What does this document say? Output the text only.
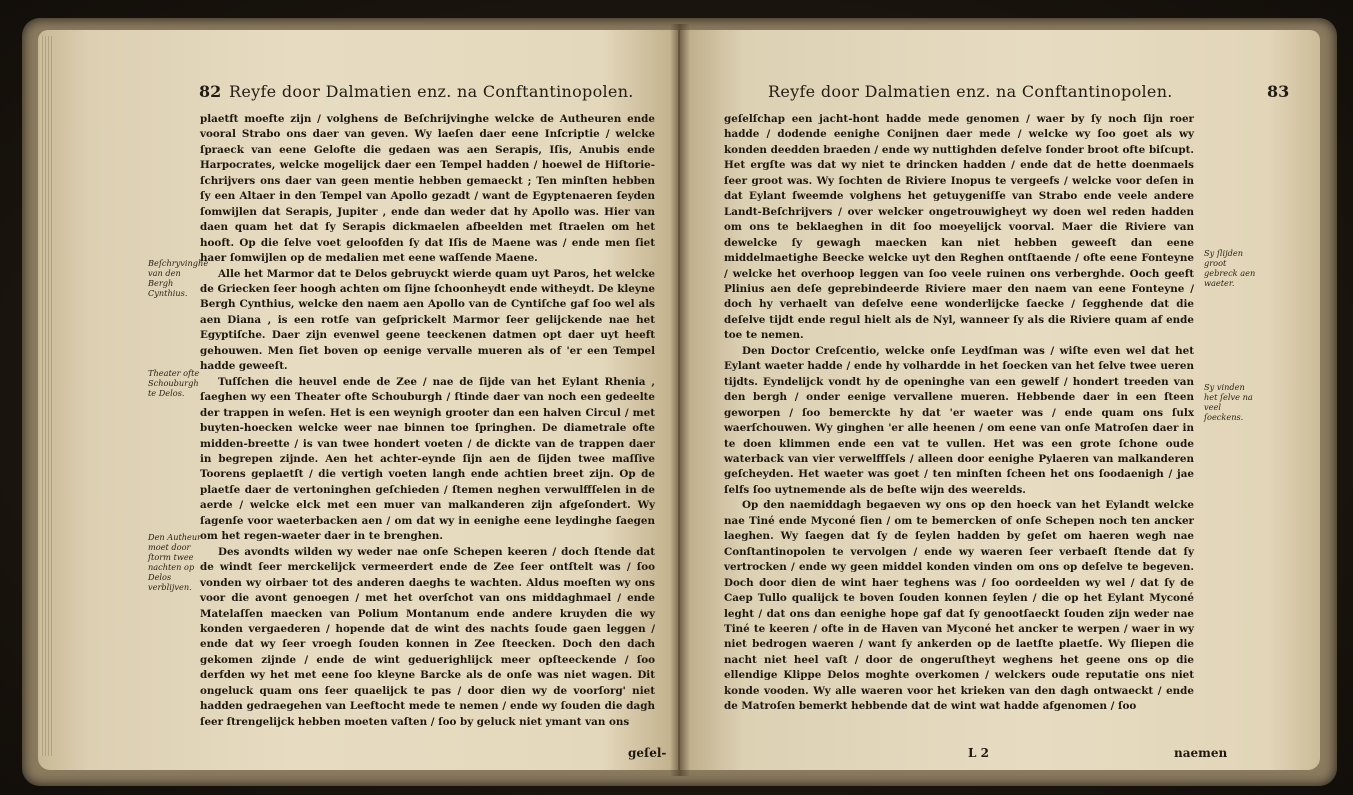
82 Reyfe door Dalmatien enz. na Conftantinopolen.
Beſchryvinghe van den Bergh Cynthius.
Theater ofte Schouburgh te Delos.
Den Autheur moet door ſtorm twee nachten op Delos verblijven.

plaetft moefte zijn / volghens de Beſchrijvinghe welcke de Autheuren ende vooral Strabo ons daer van geven. Wy laeſen daer eene Inſcriptie / welcke ſpraeck van eene Gelofte die gedaen was aen Serapis, Iſis, Anubis ende Harpocrates, welcke mogelijck daer een Tempel hadden / hoewel de Hiſtorie-ſchrijvers ons daer van geen mentie hebben gemaeckt ; Ten minſten hebben ſy een Altaer in den Tempel van Apollo gezadt / want de Egyptenaeren ſeyden ſomwijlen dat Serapis, Jupiter , ende dan weder dat hy Apollo was. Hier van daen quam het dat ſy Serapis dickmaelen afbeelden met ſtraelen om het hooft. Op die ſelve voet geloofden ſy dat Iſis de Maene was / ende men ſiet haer ſomwijlen op de medalien met eene waſſende Maene.

Alle het Marmor dat te Delos gebruyckt wierde quam uyt Paros, het welcke de Griecken ſeer hoogh achten om ſijne ſchoonheydt ende witheydt. De kleyne Bergh Cynthius, welcke den naem aen Apollo van de Cyntiſche gaf ſoo wel als aen Diana , is een rotſe van geſprickelt Marmor ſeer gelijckende nae het Egyptiſche. Daer zijn evenwel geene teeckenen datmen opt daer uyt heeft gehouwen. Men ſiet boven op eenige vervalle mueren als of 'er een Tempel hadde geweeſt.

Tuſſchen die heuvel ende de Zee / nae de ſijde van het Eylant Rhenia , ſaeghen wy een Theater ofte Schouburgh / ſtinde daer van noch een gedeelte der trappen in weſen. Het is een weynigh grooter dan een halven Circul / met buyten-hoecken welcke weer nae binnen toe ſpringhen. De diametrale ofte midden-breette / is van twee hondert voeten / de dickte van de trappen daer in begrepen zijnde. Aen het achter-eynde ſijn aen de ſijden twee maſſive Toorens geplaetſt / die vertigh voeten langh ende achtien breet zijn. Op de plaetſe daer de vertoninghen geſchieden / ſtemen neghen verwulffſelen in de aerde / welcke elck met een muer van malkanderen zijn afgeſondert. Wy ſagenſe voor waeterbacken aen / om dat wy in eenighe eene leydinghe ſaegen om het regen-waeter daer in te brenghen.

Des avondts wilden wy weder nae onſe Schepen keeren / doch ſtende dat de windt ſeer merckelijck vermeerdert ende de Zee ſeer ontſtelt was / ſoo vonden wy oirbaer tot des anderen daeghs te wachten. Aldus moeſten wy ons voor die avont genoegen / met het overſchot van ons middaghmael / ende Matelaſſen maecken van Polium Montanum ende andere kruyden die wy konden vergaederen / hopende dat de wint des nachts ſoude gaen leggen / ende dat wy ſeer vroegh ſouden konnen in Zee ſteecken. Doch den dach gekomen zijnde / ende de wint geduerighlijck meer opſteeckende / ſoo derfden wy het met eene ſoo kleyne Barcke als de onſe was niet wagen. Dit ongeluck quam ons ſeer quaelijck te pas / door dien wy de voorſorg' niet hadden gedraegehen van Leeftocht mede te nemen / ende wy ſouden die dagh ſeer ſtrengelijck hebben moeten vaſten / ſoo by geluck niet ymant van ons

geſel-
Reyfe door Dalmatien enz. na Conftantinopolen.	83

geſelſchap een jacht-hont hadde mede genomen / waer by ſy noch ſijn roer hadde / dodende eenighe Conijnen daer mede / welcke wy ſoo goet als wy konden deedden braeden / ende wy nuttighden deſelve ſonder broot ofte biſcupt. Het ergſte was dat wy niet te drincken hadden / ende dat de hette doenmaels ſeer groot was. Wy ſochten de Riviere Inopus te vergeefs / welcke voor deſen in dat Eylant ſweemde volghens het getuygeniſſe van Strabo ende veele andere Landt-Beſchrijvers / over welcker ongetrouwigheyt wy doen wel reden hadden om ons te beklaeghen in dit ſoo moeyelijck voorval. Maer die Riviere van dewelcke ſy gewagh maecken kan niet hebben geweeſt dan eene middelmaetighe Beecke welcke uyt den Reghen ontſtaende / ofte eene Fonteyne / welcke het overhoop leggen van ſoo veele ruinen ons verberghde. Ooch geeft Plinius aen deſe geprebindeerde Riviere maer den naem van eene Fonteyne / doch hy verhaelt van deſelve eene wonderlijcke ſaecke / ſegghende dat die deſelve tijdt ende regul hielt als de Nyl, wanneer ſy als die Riviere quam af ende toe te nemen.

Den Doctor Creſcentio, welcke onſe Leydſman was / wiſte even wel dat het Eylant waeter hadde / ende hy volhardde in het ſoecken van het ſelve twee ueren tijdts. Eyndelijck vondt hy de openinghe van een gewelf / hondert treeden van den bergh / onder eenige vervallene mueren. Hebbende daer in een ſteen geworpen / ſoo bemerckte hy dat 'er waeter was / ende quam ons ſulx waerſchouwen. Wy ginghen 'er alle heenen / om eene van onſe Matroſen daer in te doen klimmen ende een vat te vullen. Het was een grote ſchone oude waterback van vier verwelffſels / alleen door eenighe Pylaeren van malkanderen geſcheyden. Het waeter was goet / ten minſten ſcheen het ons ſoodaenigh / jae ſelfs ſoo uytnemende als de beſte wijn des weerelds.

Op den naemiddagh begaeven wy ons op den hoeck van het Eylandt welcke nae Tiné ende Myconé ſien / om te bemercken of onſe Schepen noch ten ancker laeghen. Wy ſaegen dat ſy de ſeylen hadden by geſet om haeren wegh nae Conſtantinopolen te vervolgen / ende wy waeren ſeer verbaeſt ſtende dat ſy vertrocken / ende wy geen middel konden vinden om ons op deſelve te begeven. Doch door dien de wint haer teghens was / ſoo oordeelden wy wel / dat ſy de Caep Tullo qualijck te boven ſouden konnen ſeylen / die op het Eylant Myconé leght / dat ons dan eenighe hope gaf dat ſy genootſaeckt ſouden zijn weder nae Tiné te keeren / ofte in de Haven van Myconé het ancker te werpen / waer in wy niet bedrogen waeren / want ſy ankerden op de laetſte plaetſe. Wy ſliepen die nacht niet heel vaſt / door de ongeruſtheyt weghens het geene ons op die ellendige Klippe Delos moghte overkomen / welckers oude reputatie ons niet konde vooden. Wy alle waeren voor het krieken van den dagh ontwaeckt / ende de Matroſen bemerkt hebbende dat de wint wat hadde afgenomen / ſoo

Sy ſlijden groot gebreck aen waeter.
Sy vinden het ſelve na veel ſoeckens.
L 2	naemen
